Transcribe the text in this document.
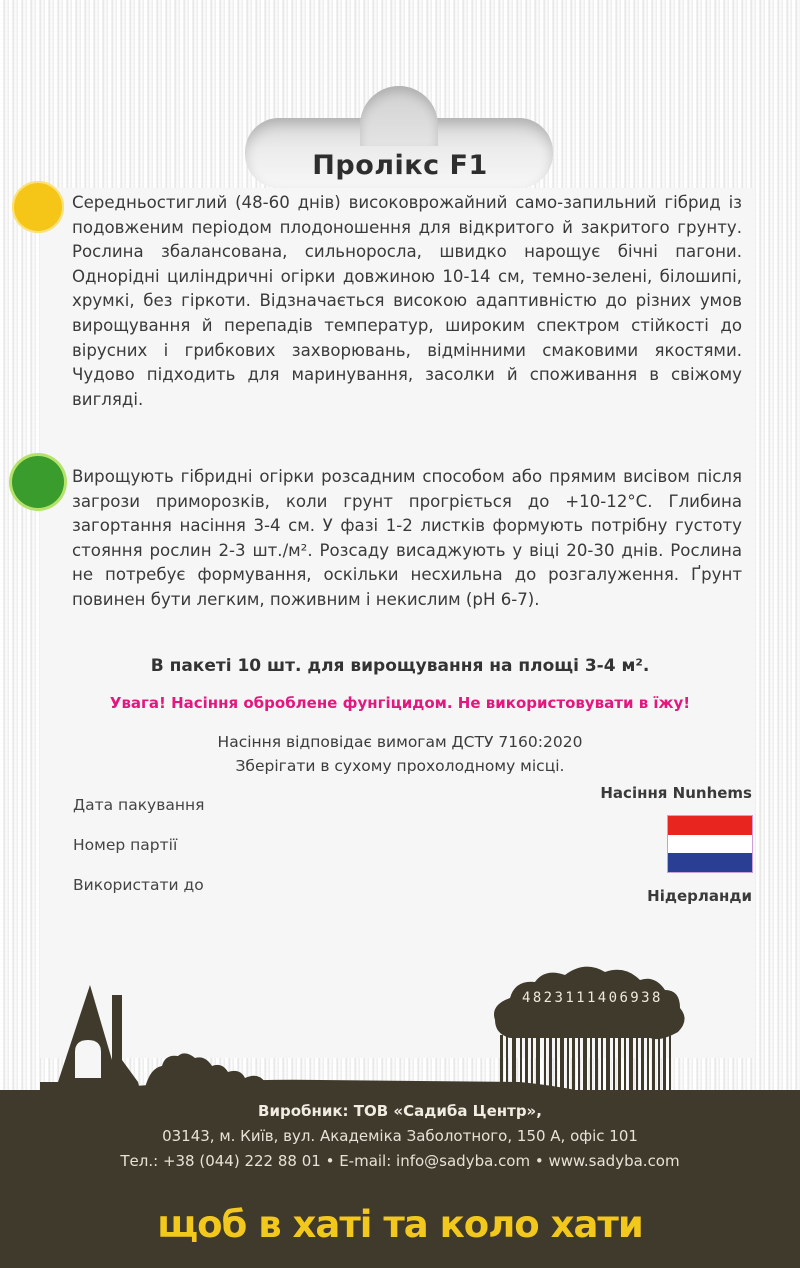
Пролікс F1
Середньостиглий (48-60 днів) високоврожайний само-запильний гібрид із подовженим періодом плодоношення для відкритого й закритого грунту. Рослина збалансована, сильноросла, швидко нарощує бічні пагони. Однорідні циліндричні огірки довжиною 10-14 см, темно-зелені, білошипі, хрумкі, без гіркоти. Відзначається високою адаптивністю до різних умов вирощування й перепадів температур, широким спектром стійкості до вірусних і грибкових захворювань, відмінними смаковими якостями. Чудово підходить для маринування, засолки й споживання в свіжому вигляді.
Вирощують гібридні огірки розсадним способом або прямим висівом після загрози приморозків, коли грунт прогріється до +10-12°С. Глибина загортання насіння 3-4 см. У фазі 1-2 листків формують потрібну густоту стояння рослин 2-3 шт./м². Розсаду висаджують у віці 20-30 днів. Рослина не потребує формування, оскільки несхильна до розгалуження. Ґрунт повинен бути легким, поживним і некислим (рН 6-7).
В пакеті 10 шт. для вирощування на площі 3-4 м².
Увага! Насіння оброблене фунгіцидом. Не використовувати в їжу!
Насіння відповідає вимогам ДСТУ 7160:2020
Зберігати в сухому прохолодному місці.
Дата пакування
Номер партії
Використати до
Насіння Nunhems
Нідерланди
4823111406938
Виробник: ТОВ «Садиба Центр»,
03143, м. Київ, вул. Академіка Заболотного, 150 А, офіс 101
Тел.: +38 (044) 222 88 01 • E-mail: info@sadyba.com • www.sadyba.com
щоб в хаті та коло хати
